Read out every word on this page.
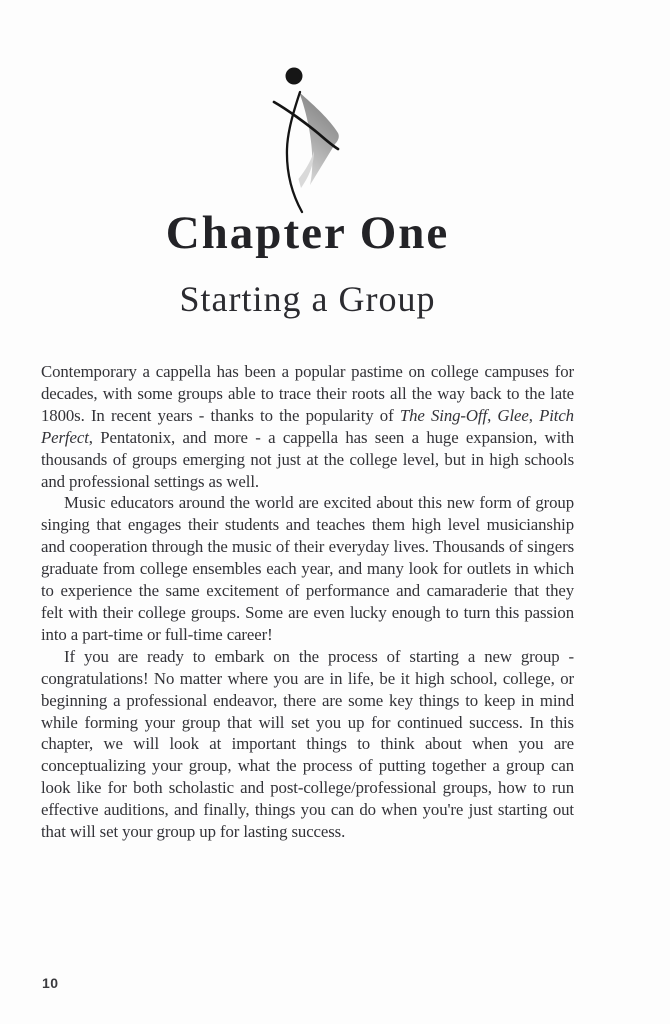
Chapter One
Starting a Group

Contemporary a cappella has been a popular pastime on college campuses for decades, with some groups able to trace their roots all the way back to the late 1800s. In recent years - thanks to the popularity of The Sing-Off, Glee, Pitch Perfect, Pentatonix, and more - a cappella has seen a huge expansion, with thousands of groups emerging not just at the college level, but in high schools and professional settings as well.

Music educators around the world are excited about this new form of group singing that engages their students and teaches them high level musicianship and cooperation through the music of their everyday lives. Thousands of singers graduate from college ensembles each year, and many look for outlets in which to experience the same excitement of performance and camaraderie that they felt with their college groups. Some are even lucky enough to turn this passion into a part-time or full-time career!

If you are ready to embark on the process of starting a new group - congratulations! No matter where you are in life, be it high school, college, or beginning a professional endeavor, there are some key things to keep in mind while forming your group that will set you up for continued success. In this chapter, we will look at important things to think about when you are conceptualizing your group, what the process of putting together a group can look like for both scholastic and post-college/professional groups, how to run effective auditions, and finally, things you can do when you're just starting out that will set your group up for lasting success.

10
